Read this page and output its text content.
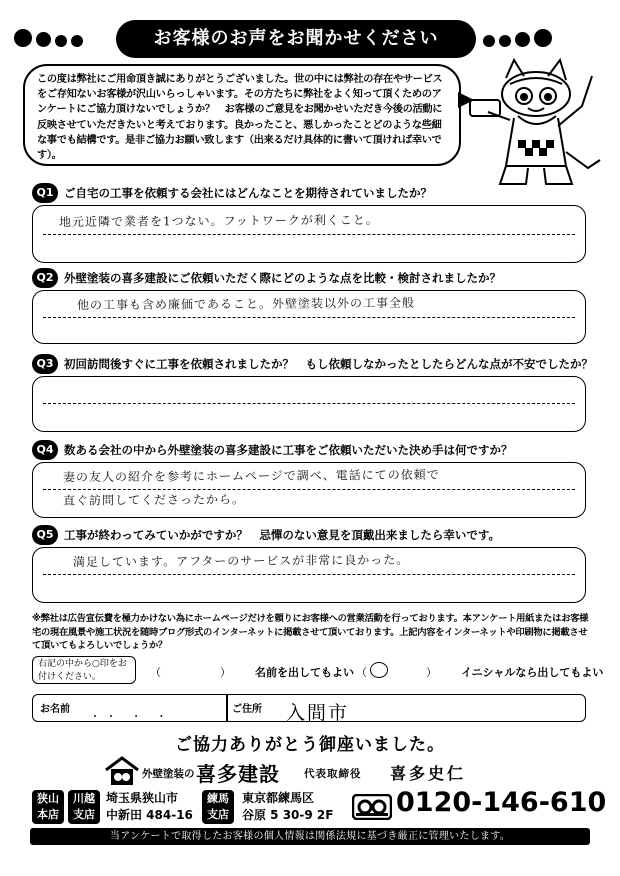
お客様のお声をお聞かせください
この度は弊社にご用命頂き誠にありがとうございました。世の中には弊社の存在やサービスをご存知ないお客様が沢山いらっしゃいます。その方たちに弊社をよく知って頂くためのアンケートにご協力頂けないでしょうか？　お客様のご意見をお聞かせいただき今後の活動に反映させていただきたいと考えております。良かったこと、悪しかったことどのような些細な事でも結構です。是非ご協力お願い致します（出来るだけ具体的に書いて頂ければ幸いです）。
Q1 ご自宅の工事を依頼する会社にはどんなことを期待されていましたか？
地元近隣で業者を1つない。フットワークが利くこと。
Q2 外壁塗装の喜多建設にご依頼いただく際にどのような点を比較・検討されましたか？
他の工事も含め廉価であること。外壁塗装以外の工事全般
Q3 初回訪問後すぐに工事を依頼されましたか？　もし依頼しなかったとしたらどんな点が不安でしたか？
Q4 数ある会社の中から外壁塗装の喜多建設に工事をご依頼いただいた決め手は何ですか？
妻の友人の紹介を参考にホームページで調べ、電話にての依頼で
直ぐ訪問してくださったから。
Q5 工事が終わってみていかがですか？　忌憚のない意見を頂戴出来ましたら幸いです。
満足しています。アフターのサービスが非常に良かった。
※弊社は広告宣伝費を極力かけない為にホームページだけを頼りにお客様への営業活動を行っております。本アンケート用紙またはお客様宅の現在風景や施工状況を随時ブログ形式のインターネットに掲載させて頂いております。上記内容をインターネットや印刷物に掲載させて頂いてもよろしいでしょうか？
右記の中から○印をお付けください。	（　）名前を出してもよい （　）イニシャルなら出してもよい
お名前
・・ ・ ・
ご住所 入間市
ご協力ありがとう御座いました。
外壁塗装の 喜多建設 代表取締役 喜多史仁
狭山
本店
川越
支店
埼玉県狭山市
中新田 484-16
練馬
支店
東京都練馬区
谷原 5 30-9 2F 0120-146-610
当アンケートで取得したお客様の個人情報は関係法規に基づき厳正に管理いたします。
